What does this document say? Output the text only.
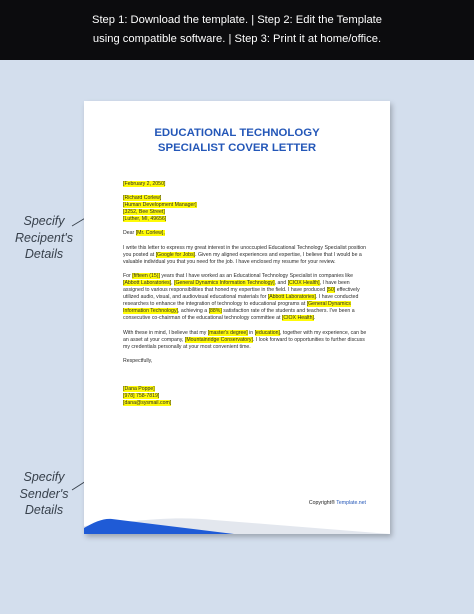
Step 1: Download the template. | Step 2: Edit the Template
using compatible software. | Step 3: Print it at home/office.
Specify
Recipent's
Details
Specify
Sender's
Details
EDUCATIONAL TECHNOLOGY
SPECIALIST COVER LETTER

[February 2, 2050]

[Richard Corlew]

[Human Development Manager]

[3252, Bee Street]

[Luther, MI, 49656]

Dear [Mr. Corlew],

I write this letter to express my great interest in the unoccupied Educational Technology Specialist position you posted at [Google for Jobs]. Given my aligned experiences and expertise, I believe that I would be a valuable individual you that you need for the job. I have enclosed my resume for your review.

For [fifteen (15)] years that I have worked as an Educational Technology Specialist in companies like [Abbott Laboratories], [General Dynamics Information Technology], and [CIOX Health], I have been assigned to various responsibilities that honed my expertise in the field. I have produced [50] effectively utilized audio, visual, and audiovisual educational materials for [Abbott Laboratories]. I have conducted researches to enhance the integration of technology to educational programs at [General Dynamics Information Technology], achieving a [88%] satisfaction rate of the students and teachers. I've been a consecutive co-chairman of the educational technology committee at [CIOX Health].

With these in mind, I believe that my [master's degree] in [education], together with my experience, can be an asset at your company, [Mountainridge Conservatory]. I look forward to opportunities to further discuss my credentials personally at your most convenient time.

Respectfully,

[Dana Poppe]

[978] 758-7819]

[dana@sysmail.com]

Copyright® Template.net
